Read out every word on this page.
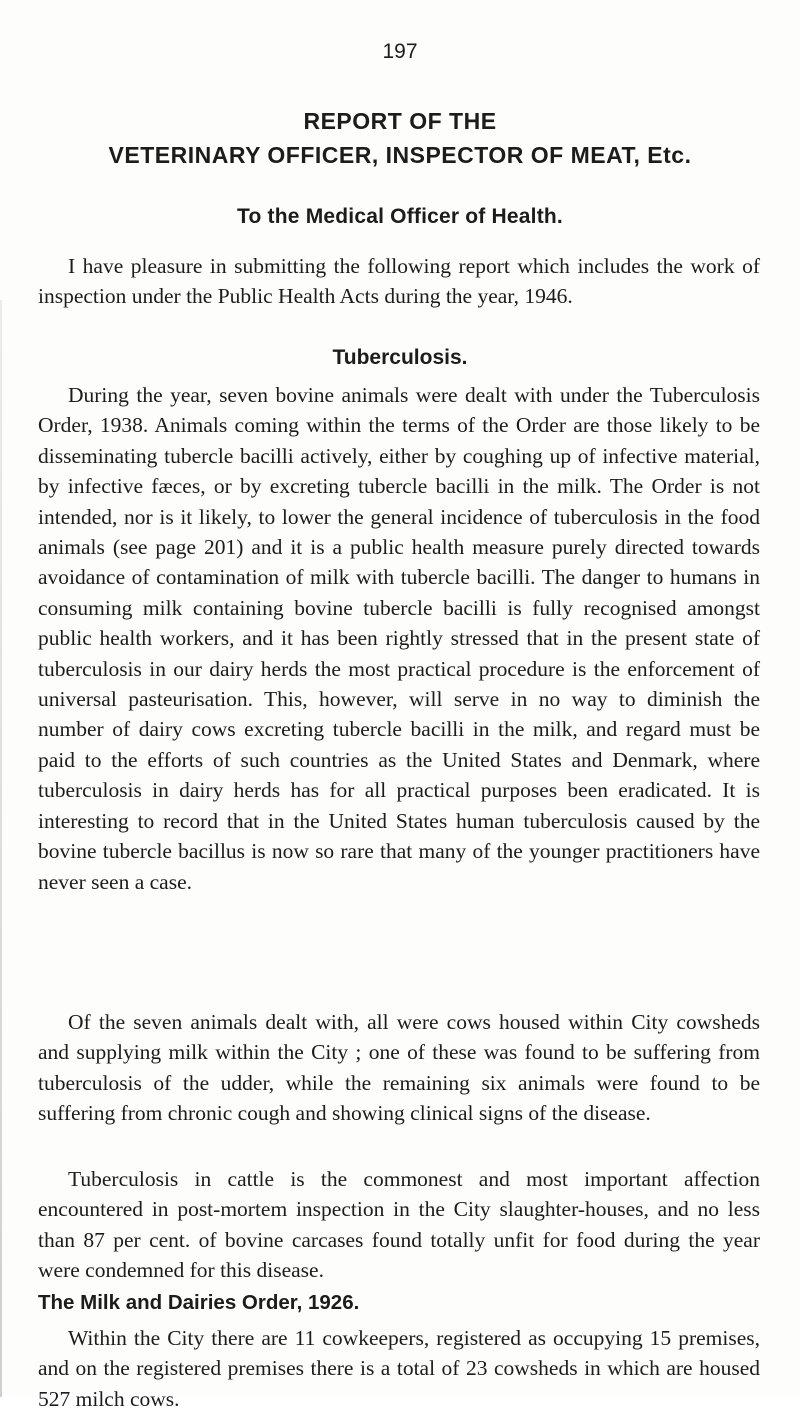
197
REPORT OF THE
VETERINARY OFFICER, INSPECTOR OF MEAT, Etc.
To the Medical Officer of Health.

I have pleasure in submitting the following report which includes the work of inspection under the Public Health Acts during the year, 1946.

Tuberculosis.

During the year, seven bovine animals were dealt with under the Tuberculosis Order, 1938. Animals coming within the terms of the Order are those likely to be disseminating tubercle bacilli actively, either by coughing up of infective material, by infective fæces, or by excreting tubercle bacilli in the milk. The Order is not intended, nor is it likely, to lower the general incidence of tuberculosis in the food animals (see page 201) and it is a public health measure purely directed towards avoidance of contamination of milk with tubercle bacilli. The danger to humans in consuming milk containing bovine tubercle bacilli is fully recognised amongst public health workers, and it has been rightly stressed that in the present state of tuberculosis in our dairy herds the most practical procedure is the enforcement of universal pasteurisation. This, however, will serve in no way to diminish the number of dairy cows excreting tubercle bacilli in the milk, and regard must be paid to the efforts of such countries as the United States and Denmark, where tuberculosis in dairy herds has for all practical purposes been eradicated. It is interesting to record that in the United States human tuberculosis caused by the bovine tubercle bacillus is now so rare that many of the younger practitioners have never seen a case.

Of the seven animals dealt with, all were cows housed within City cowsheds and supplying milk within the City ; one of these was found to be suffering from tuberculosis of the udder, while the remaining six animals were found to be suffering from chronic cough and showing clinical signs of the disease.

Tuberculosis in cattle is the commonest and most important affection encountered in post-mortem inspection in the City slaughter-houses, and no less than 87 per cent. of bovine carcases found totally unfit for food during the year were condemned for this disease.

The Milk and Dairies Order, 1926.

Within the City there are 11 cowkeepers, registered as occupying 15 premises, and on the registered premises there is a total of 23 cowsheds in which are housed 527 milch cows.
